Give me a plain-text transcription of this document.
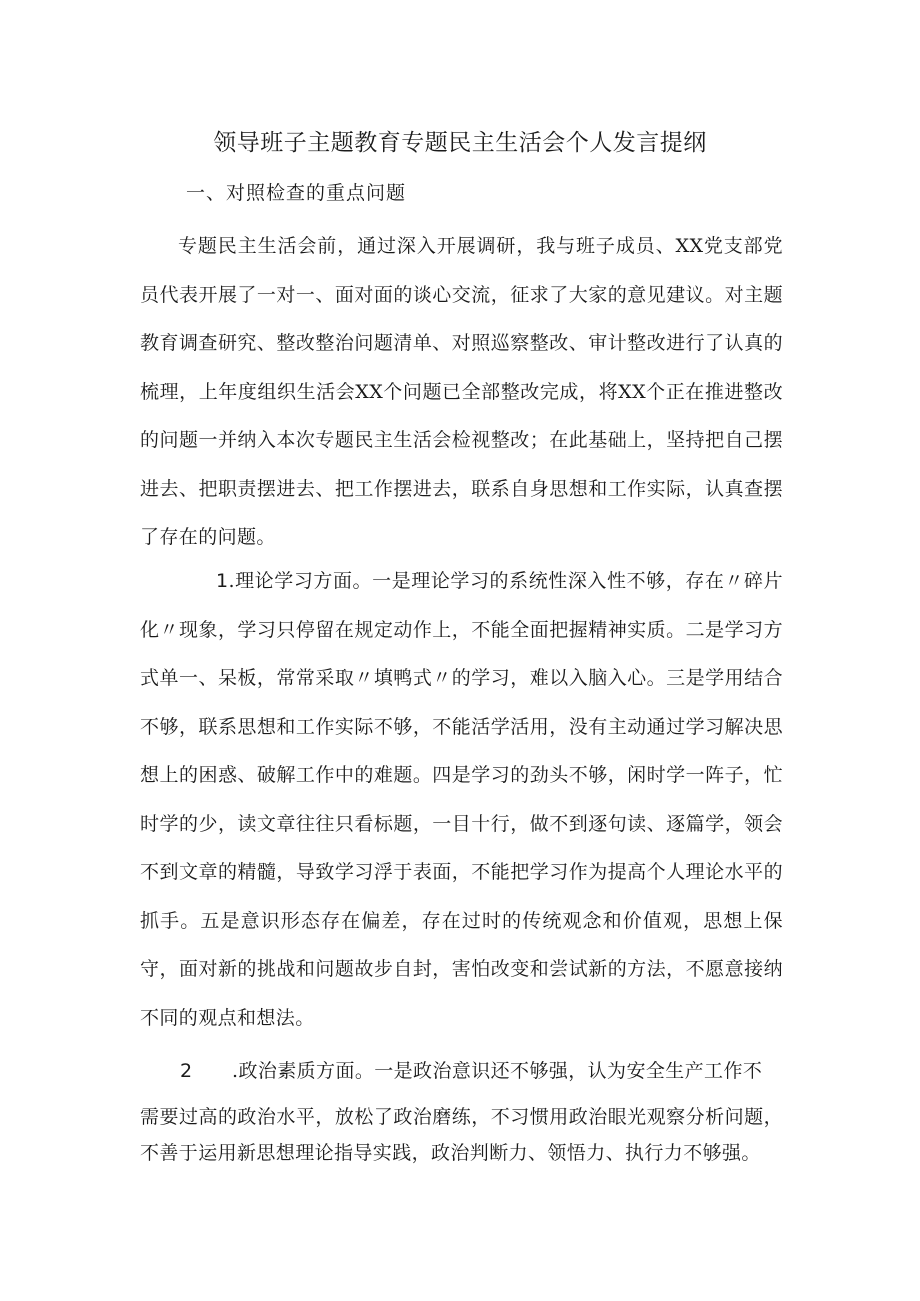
领导班子主题教育专题民主生活会个人发言提纲

一、对照检查的重点问题

专题民主生活会前，通过深入开展调研，我与班子成员、XX党支部党员代表开展了一对一、面对面的谈心交流，征求了大家的意见建议。对主题教育调查研究、整改整治问题清单、对照巡察整改、审计整改进行了认真的梳理，上年度组织生活会XX个问题已全部整改完成，将XX个正在推进整改的问题一并纳入本次专题民主生活会检视整改；在此基础上，坚持把自己摆进去、把职责摆进去、把工作摆进去，联系自身思想和工作实际，认真查摆了存在的问题。

1.理论学习方面。一是理论学习的系统性深入性不够，存在〃碎片化〃现象，学习只停留在规定动作上，不能全面把握精神实质。二是学习方式单一、呆板，常常采取〃填鸭式〃的学习，难以入脑入心。三是学用结合不够，联系思想和工作实际不够，不能活学活用，没有主动通过学习解决思想上的困惑、破解工作中的难题。四是学习的劲头不够，闲时学一阵子，忙时学的少，读文章往往只看标题，一目十行，做不到逐句读、逐篇学，领会不到文章的精髓，导致学习浮于表面，不能把学习作为提高个人理论水平的抓手。五是意识形态存在偏差，存在过时的传统观念和价值观，思想上保守，面对新的挑战和问题故步自封，害怕改变和尝试新的方法，不愿意接纳不同的观点和想法。

2 .政治素质方面。一是政治意识还不够强，认为安全生产工作不

需要过高的政治水平，放松了政治磨练，不习惯用政治眼光观察分析问题，不善于运用新思想理论指导实践，政治判断力、领悟力、执行力不够强。
